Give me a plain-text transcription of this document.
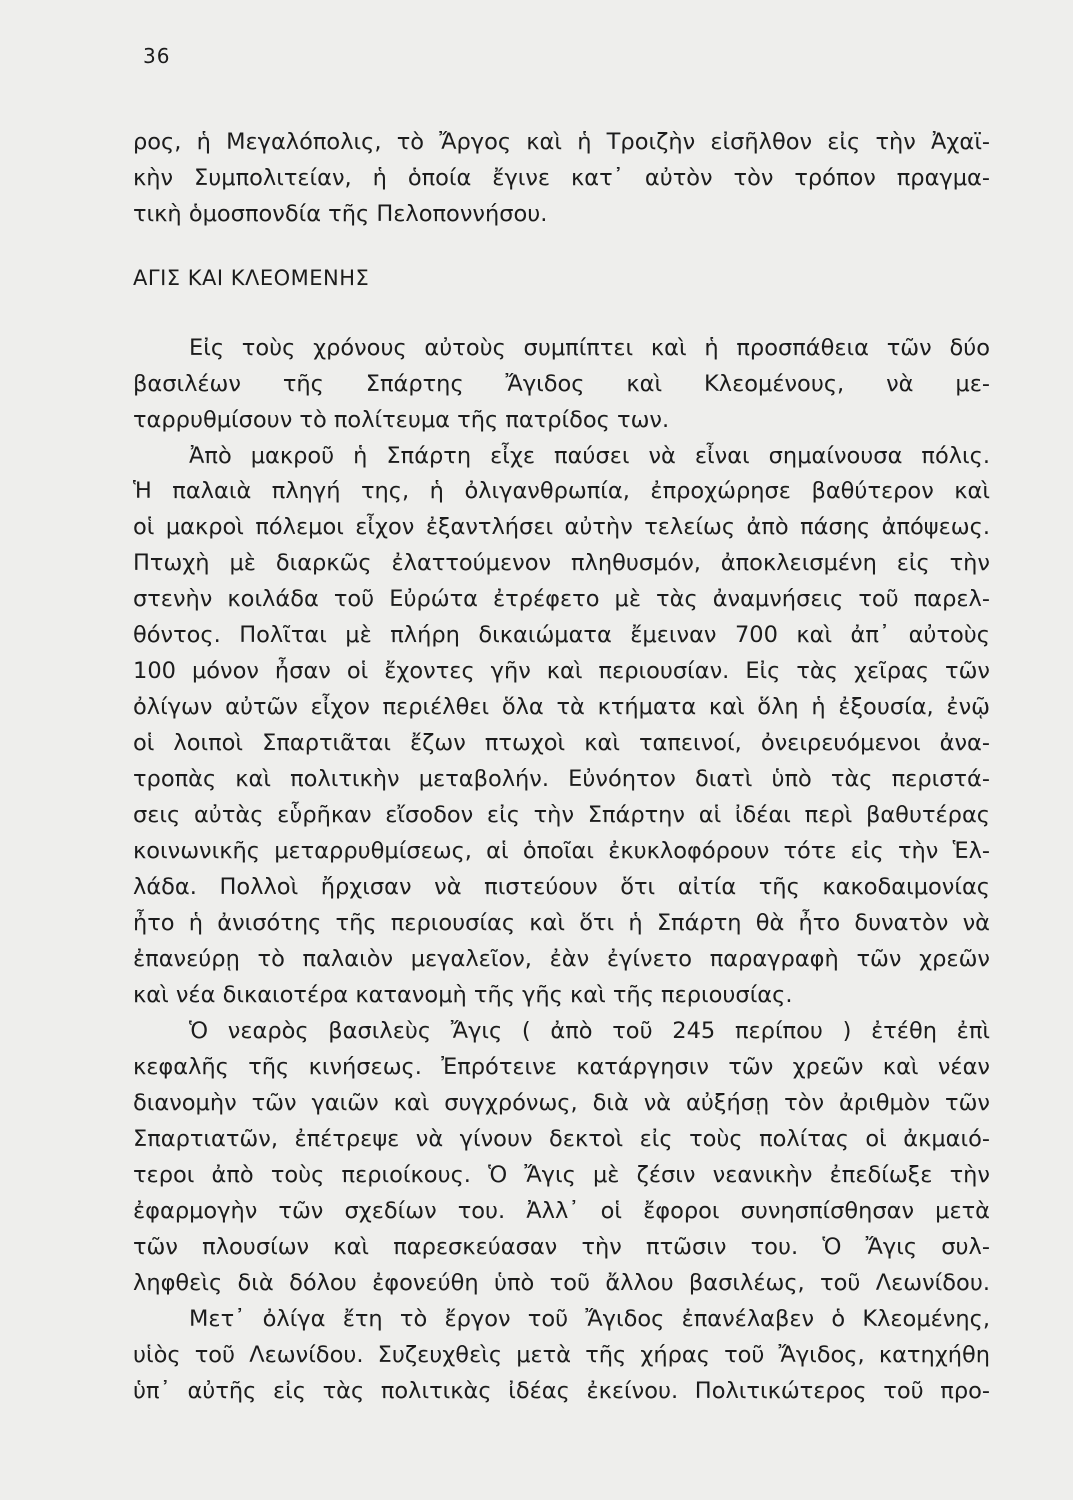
36
ρος, ἡ Μεγαλόπολις, τὸ Ἄργος καὶ ἡ Τροιζὴν εἰσῆλθον εἰς τὴν Ἀχαϊ-
κὴν Συμπολιτείαν, ἡ ὁποία ἔγινε κατ᾿ αὐτὸν τὸν τρόπον πραγμα-
τικὴ ὁμοσπονδία τῆς Πελοποννήσου.
ΑΓΙΣ ΚΑΙ ΚΛΕΟΜΕΝΗΣ
Εἰς τοὺς χρόνους αὐτοὺς συμπίπτει καὶ ἡ προσπάθεια τῶν δύο
βασιλέων τῆς Σπάρτης Ἄγιδος καὶ Κλεομένους, νὰ με-
ταρρυθμίσουν τὸ πολίτευμα τῆς πατρίδος των.
Ἀπὸ μακροῦ ἡ Σπάρτη εἶχε παύσει νὰ εἶναι σημαίνουσα πόλις.
Ἡ παλαιὰ πληγή της, ἡ ὀλιγανθρωπία, ἐπροχώρησε βαθύτερον καὶ
οἱ μακροὶ πόλεμοι εἶχον ἐξαντλήσει αὐτὴν τελείως ἀπὸ πάσης ἀπόψεως.
Πτωχὴ μὲ διαρκῶς ἐλαττούμενον πληθυσμόν, ἀποκλεισμένη εἰς τὴν
στενὴν κοιλάδα τοῦ Εὐρώτα ἐτρέφετο μὲ τὰς ἀναμνήσεις τοῦ παρελ-
θόντος. Πολῖται μὲ πλήρη δικαιώματα ἔμειναν 700 καὶ ἀπ᾿ αὐτοὺς
100 μόνον ἦσαν οἱ ἔχοντες γῆν καὶ περιουσίαν. Εἰς τὰς χεῖρας τῶν
ὀλίγων αὐτῶν εἶχον περιέλθει ὅλα τὰ κτήματα καὶ ὅλη ἡ ἐξουσία, ἐνῷ
οἱ λοιποὶ Σπαρτιᾶται ἔζων πτωχοὶ καὶ ταπεινοί, ὀνειρευόμενοι ἀνα-
τροπὰς καὶ πολιτικὴν μεταβολήν. Εὐνόητον διατὶ ὑπὸ τὰς περιστά-
σεις αὐτὰς εὗρῆκαν εἴσοδον εἰς τὴν Σπάρτην αἱ ἰδέαι περὶ βαθυτέρας
κοινωνικῆς μεταρρυθμίσεως, αἱ ὁποῖαι ἐκυκλοφόρουν τότε εἰς τὴν Ἑλ-
λάδα. Πολλοὶ ἤρχισαν νὰ πιστεύουν ὅτι αἰτία τῆς κακοδαιμονίας
ἦτο ἡ ἀνισότης τῆς περιουσίας καὶ ὅτι ἡ Σπάρτη θὰ ἦτο δυνατὸν νὰ
ἐπανεύρῃ τὸ παλαιὸν μεγαλεῖον, ἐὰν ἐγίνετο παραγραφὴ τῶν χρεῶν
καὶ νέα δικαιοτέρα κατανομὴ τῆς γῆς καὶ τῆς περιουσίας.
Ὁ νεαρὸς βασιλεὺς Ἄγις ( ἀπὸ τοῦ 245 περίπου ) ἐτέθη ἐπὶ
κεφαλῆς τῆς κινήσεως. Ἐπρότεινε κατάργησιν τῶν χρεῶν καὶ νέαν
διανομὴν τῶν γαιῶν καὶ συγχρόνως, διὰ νὰ αὐξήσῃ τὸν ἀριθμὸν τῶν
Σπαρτιατῶν, ἐπέτρεψε νὰ γίνουν δεκτοὶ εἰς τοὺς πολίτας οἱ ἀκμαιό-
τεροι ἀπὸ τοὺς περιοίκους. Ὁ Ἄγις μὲ ζέσιν νεανικὴν ἐπεδίωξε τὴν
ἐφαρμογὴν τῶν σχεδίων του. Ἀλλ᾿ οἱ ἔφοροι συνησπίσθησαν μετὰ
τῶν πλουσίων καὶ παρεσκεύασαν τὴν πτῶσιν του. Ὁ Ἄγις συλ-
ληφθεὶς διὰ δόλου ἐφονεύθη ὑπὸ τοῦ ἄλλου βασιλέως, τοῦ Λεωνίδου.
Μετ᾿ ὀλίγα ἔτη τὸ ἔργον τοῦ Ἄγιδος ἐπανέλαβεν ὁ Κλεομένης,
υἱὸς τοῦ Λεωνίδου. Συζευχθεὶς μετὰ τῆς χήρας τοῦ Ἄγιδος, κατηχήθη
ὑπ᾿ αὐτῆς εἰς τὰς πολιτικὰς ἰδέας ἐκείνου. Πολιτικώτερος τοῦ προ-
